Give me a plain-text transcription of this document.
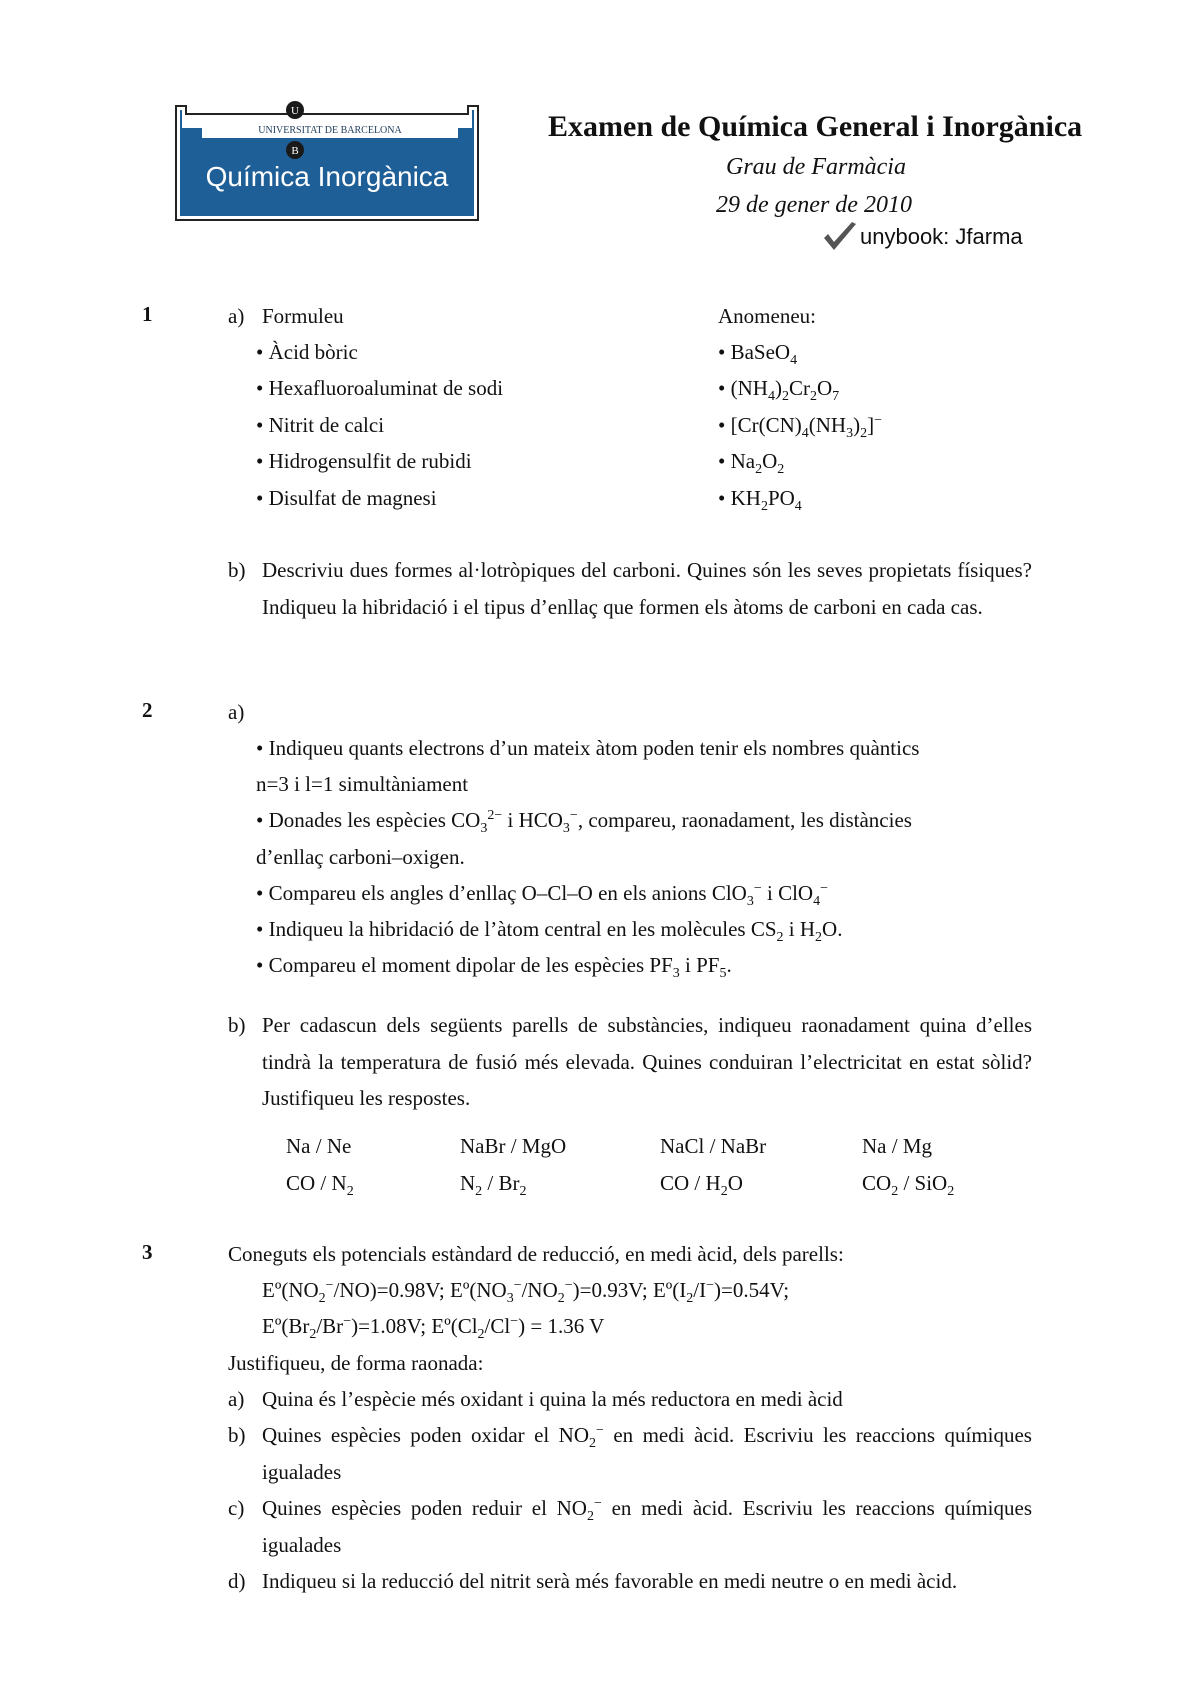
UNIVERSITAT DE BARCELONA
U
B
Química Inorgànica
Examen de Química General i Inorgànica
Grau de Farmàcia
29 de gener de 2010
unybook: Jfarma
1	a) Formuleu
• Àcid bòric
• Hexafluoroaluminat de sodi
• Nitrit de calci
• Hidrogensulfit de rubidi
• Disulfat de magnesi
Anomeneu:
• BaSeO$_4$
• $(NH_4)_2Cr_2O_7$
• $[Cr(CN)_4(NH_3)_2]^-$
• $Na_2O_2$
• $KH_2PO_4$
b) Descriviu dues formes al·lotròpiques del carboni. Quines són les seves propietats físiques? Indiqueu la hibridació i el tipus d’enllaç que formen els àtoms de carboni en cada cas.
2	a)
• Indiqueu quants electrons d’un mateix àtom poden tenir els nombres quàntics
n=3 i l=1 simultàniament
• Donades les espècies $CO_3^{2-}$ i $HCO_3^-$, compareu, raonadament, les distàncies
d’enllaç carboni–oxigen.
• Compareu els angles d’enllaç O–Cl–O en els anions ClO$_3$− i ClO$_4$−
• Indiqueu la hibridació de l’àtom central en les molècules $CS_2$ i $H_2O$.
• Compareu el moment dipolar de les espècies $PF_3$ i $PF_5$.
b) Per cadascun dels següents parells de substàncies, indiqueu raonadament quina d’elles tindrà la temperatura de fusió més elevada. Quines conduiran l’electricitat en estat sòlid? Justifiqueu les respostes.
Na / Ne	NaBr / MgO	NaCl / NaBr	Na / Mg
CO / $N_2$	$N_2 / Br_2$	CO / $H_2O$	$CO_2 / SiO_2$
3	Coneguts els potencials estàndard de reducció, en medi àcid, dels parells:
$Eº(NO_2^-/NO)=0.98V$; $Eº(NO_3^-/NO_2^-)=0.93V$; $Eº(I_2/I^-)=0.54V$;
$Eº(Br_2/Br^-)=1.08V$; $Eº(Cl_2/Cl^-) = 1.36$ V
Justifiqueu, de forma raonada:
a) Quina és l’espècie més oxidant i quina la més reductora en medi àcid
b) Quines espècies poden oxidar el $NO_2^-$ en medi àcid. Escriviu les reaccions químiques igualades
c) Quines espècies poden reduir el $NO_2^-$ en medi àcid. Escriviu les reaccions químiques igualades
d) Indiqueu si la reducció del nitrit serà més favorable en medi neutre o en medi àcid.
